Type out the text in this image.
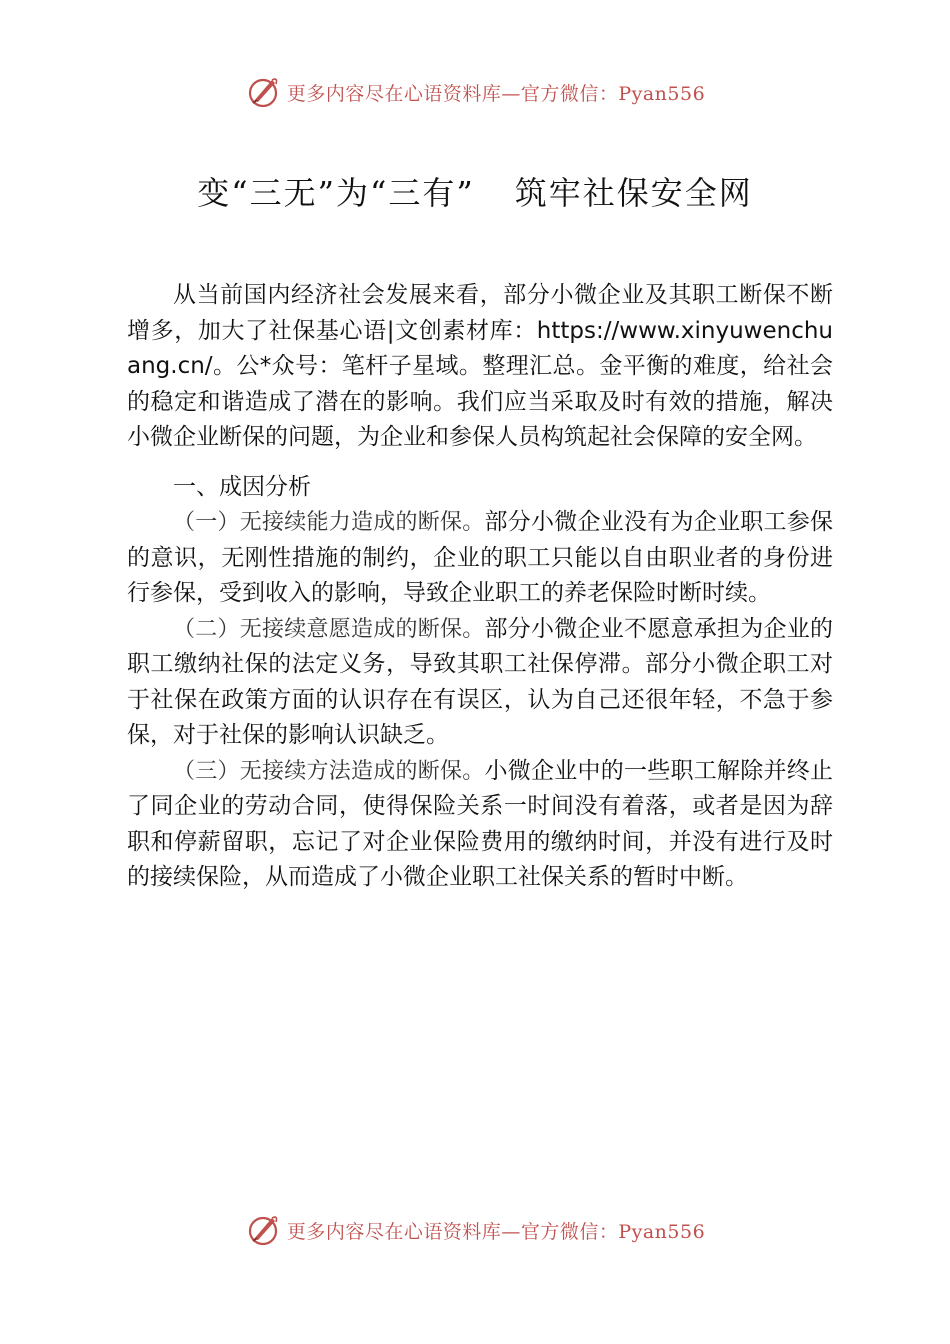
更多内容尽在心语资料库—官方微信：Pyan556
变“三无”为“三有” 筑牢社保安全网

从当前国内经济社会发展来看，部分小微企业及其职工断保不断增多，加大了社保基心语|文创素材库：https://www.xinyuwenchuang.cn/。公*众号：笔杆子星域。整理汇总。金平衡的难度，给社会的稳定和谐造成了潜在的影响。我们应当采取及时有效的措施，解决小微企业断保的问题，为企业和参保人员构筑起社会保障的安全网。

一、成因分析

（一）无接续能力造成的断保。部分小微企业没有为企业职工参保的意识，无刚性措施的制约，企业的职工只能以自由职业者的身份进行参保，受到收入的影响，导致企业职工的养老保险时断时续。

（二）无接续意愿造成的断保。部分小微企业不愿意承担为企业的职工缴纳社保的法定义务，导致其职工社保停滞。部分小微企职工对于社保在政策方面的认识存在有误区，认为自己还很年轻，不急于参保，对于社保的影响认识缺乏。

（三）无接续方法造成的断保。小微企业中的一些职工解除并终止了同企业的劳动合同，使得保险关系一时间没有着落，或者是因为辞职和停薪留职，忘记了对企业保险费用的缴纳时间，并没有进行及时的接续保险，从而造成了小微企业职工社保关系的暂时中断。

更多内容尽在心语资料库—官方微信：Pyan556
